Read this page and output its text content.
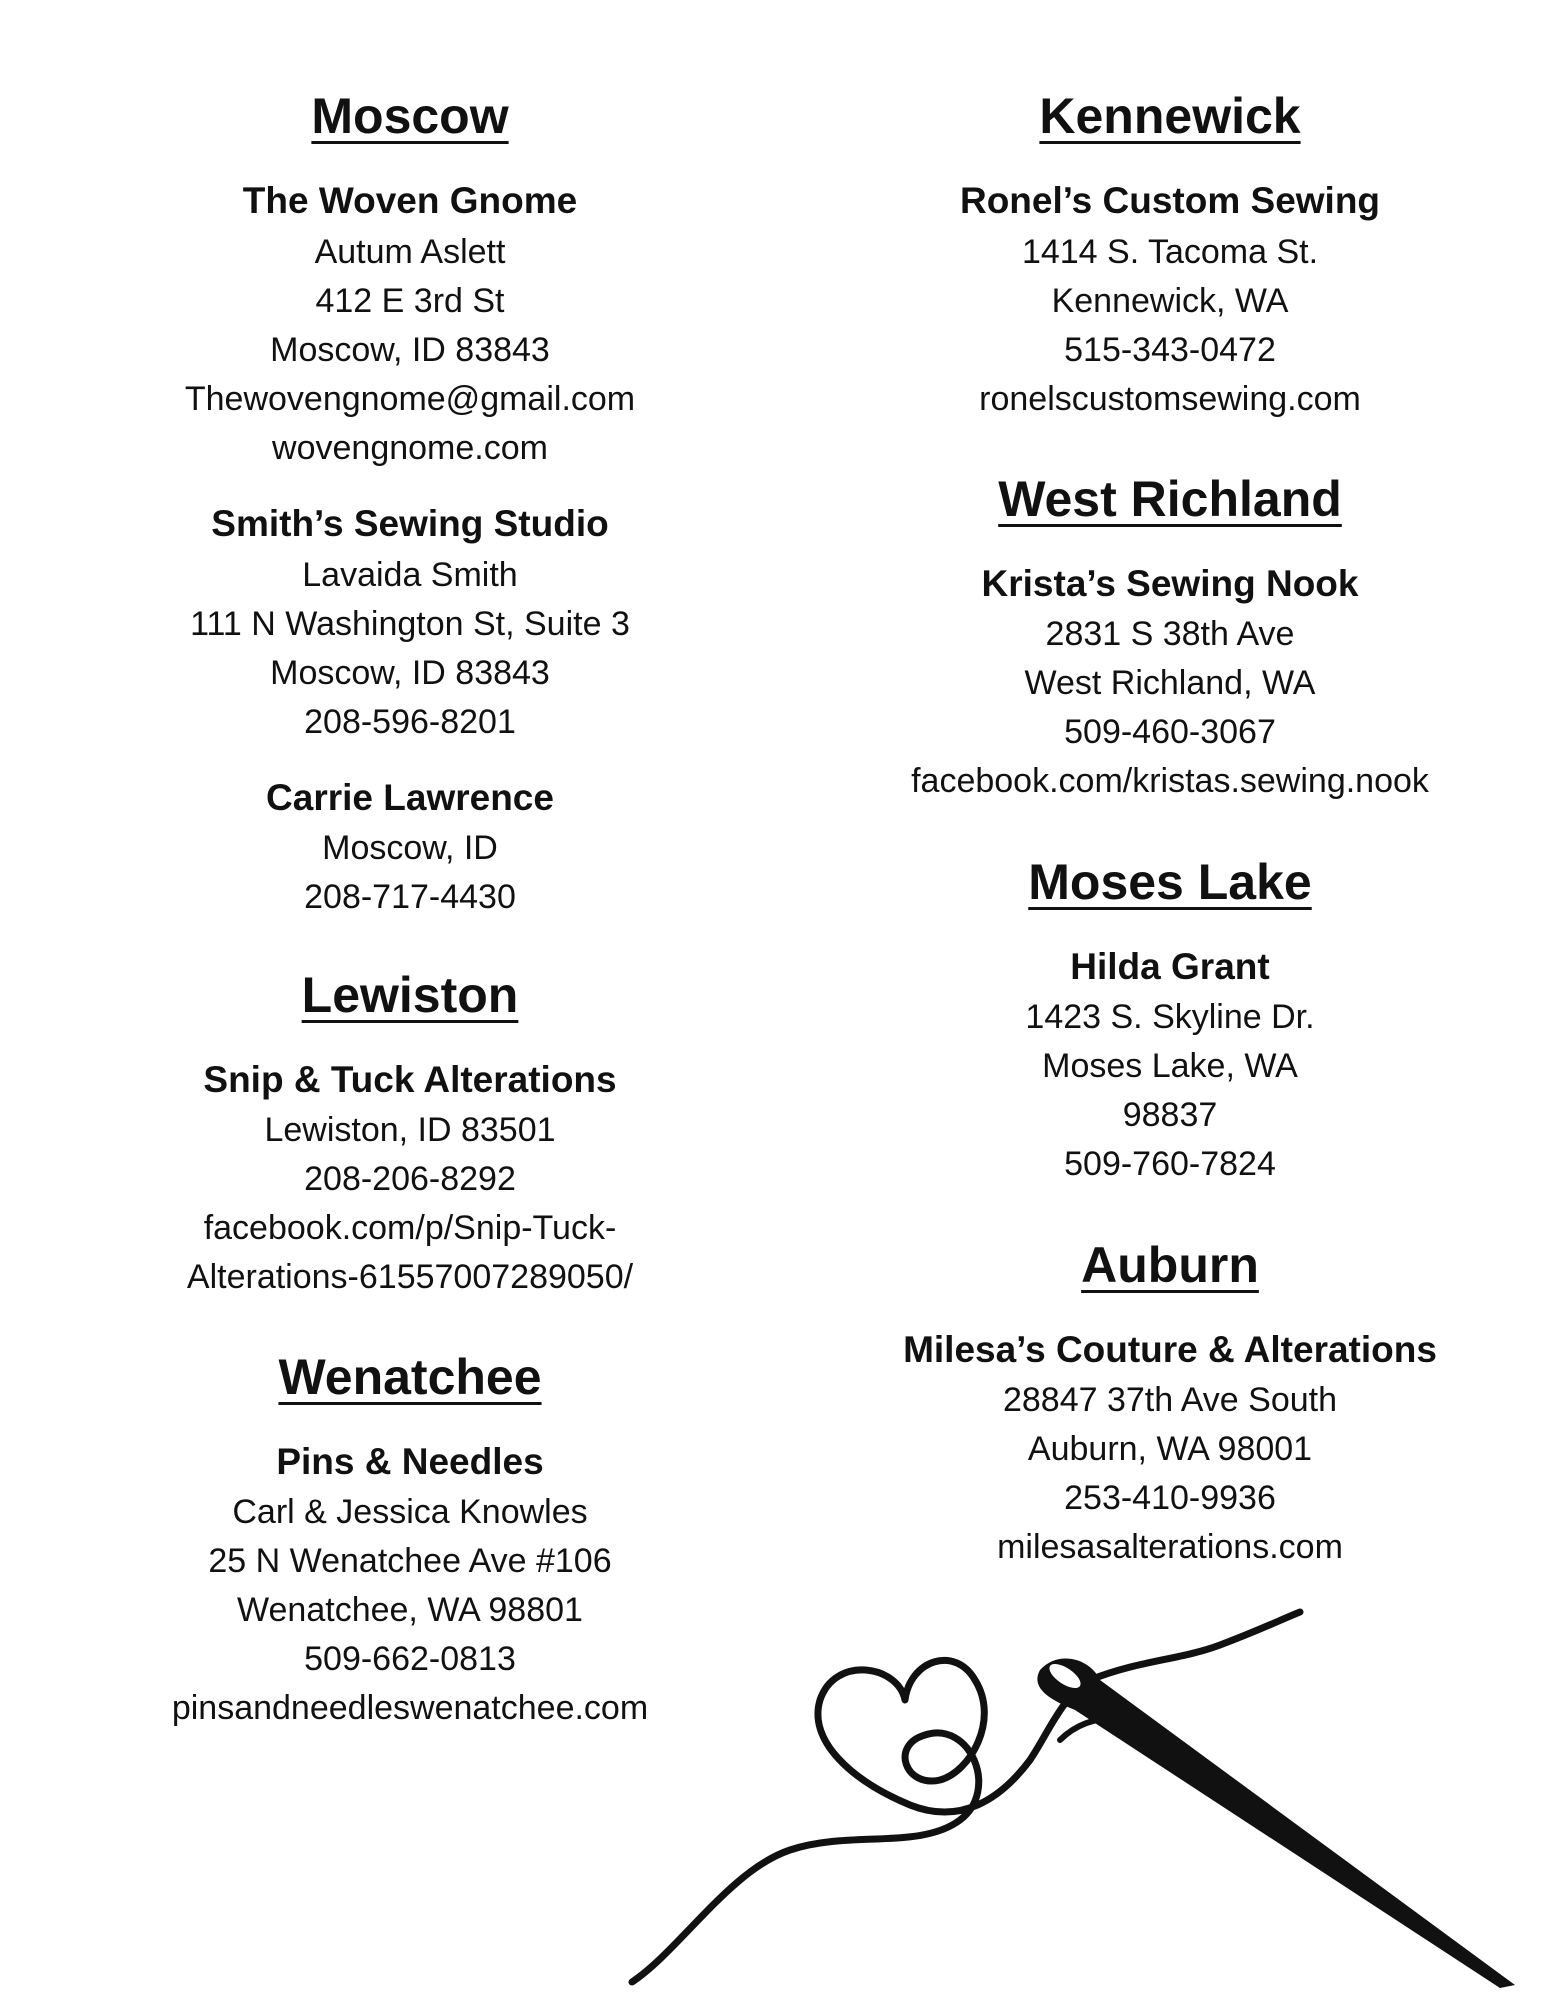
Moscow
The Woven Gnome
Autum Aslett
412 E 3rd St
Moscow, ID 83843
Thewovengnome@gmail.com
wovengnome.com
Smith’s Sewing Studio
Lavaida Smith
111 N Washington St, Suite 3
Moscow, ID 83843
208-596-8201
Carrie Lawrence
Moscow, ID
208-717-4430
Lewiston
Snip & Tuck Alterations
Lewiston, ID 83501
208-206-8292
facebook.com/p/Snip-Tuck-
Alterations-61557007289050/
Wenatchee
Pins & Needles
Carl & Jessica Knowles
25 N Wenatchee Ave #106
Wenatchee, WA 98801
509-662-0813
pinsandneedleswenatchee.com
Kennewick
Ronel’s Custom Sewing
1414 S. Tacoma St.
Kennewick, WA
515-343-0472
ronelscustomsewing.com
West Richland
Krista’s Sewing Nook
2831 S 38th Ave
West Richland, WA
509-460-3067
facebook.com/kristas.sewing.nook
Moses Lake
Hilda Grant
1423 S. Skyline Dr.
Moses Lake, WA
98837
509-760-7824
Auburn
Milesa’s Couture & Alterations
28847 37th Ave South
Auburn, WA 98001
253-410-9936
milesasalterations.com
